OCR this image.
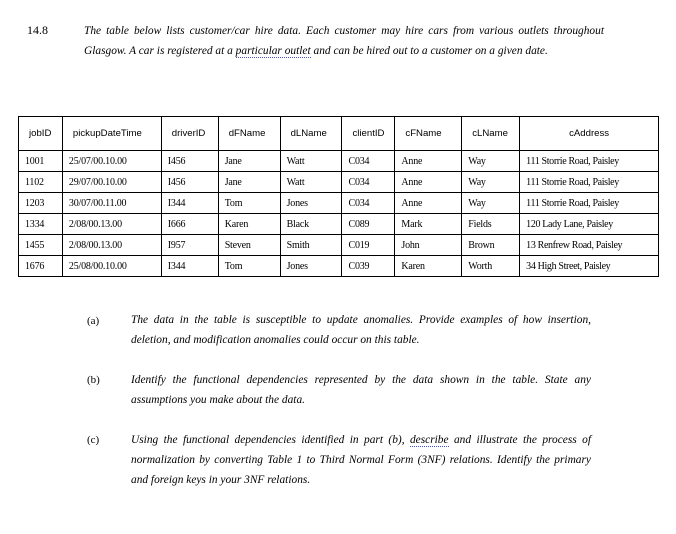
14.8	The table below lists customer/car hire data. Each customer may hire cars from various outlets throughout Glasgow. A car is registered at a particular outlet and can be hired out to a customer on a given date.
jobID	pickupDateTime	driverID	dFName	dLName	clientID	cFName	cLName	cAddress
1001	25/07/00.10.00	I456	Jane	Watt	C034	Anne	Way	111 Storrie Road, Paisley
1102	29/07/00.10.00	I456	Jane	Watt	C034	Anne	Way	111 Storrie Road, Paisley
1203	30/07/00.11.00	I344	Tom	Jones	C034	Anne	Way	111 Storrie Road, Paisley
1334	2/08/00.13.00	I666	Karen	Black	C089	Mark	Fields	120 Lady Lane, Paisley
1455	2/08/00.13.00	I957	Steven	Smith	C019	John	Brown	13 Renfrew Road, Paisley
1676	25/08/00.10.00	I344	Tom	Jones	C039	Karen	Worth	34 High Street, Paisley
(a)	The data in the table is susceptible to update anomalies. Provide examples of how insertion, deletion, and modification anomalies could occur on this table.
(b)	Identify the functional dependencies represented by the data shown in the table. State any assumptions you make about the data.
(c)	Using the functional dependencies identified in part (b), describe and illustrate the process of normalization by converting Table 1 to Third Normal Form (3NF) relations. Identify the primary and foreign keys in your 3NF relations.
